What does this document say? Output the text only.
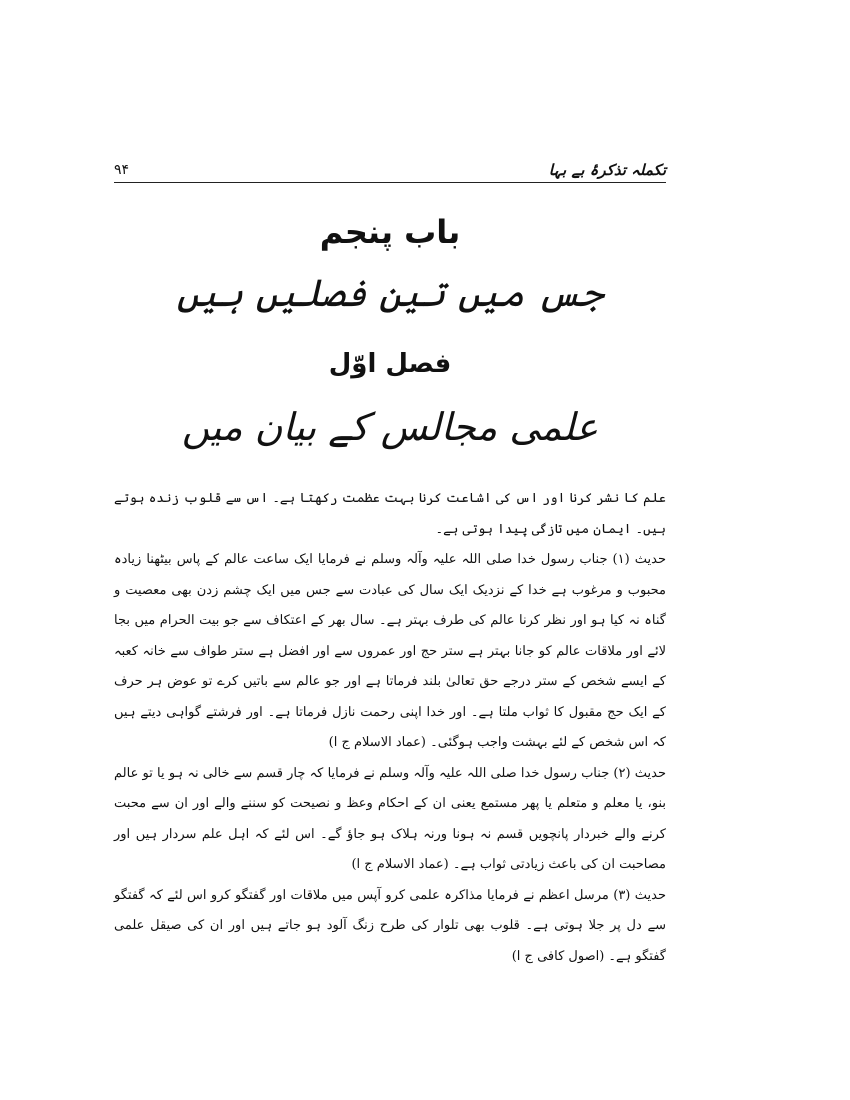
تکملہ تذکرۂ بے بہا
۹۴
باب پنجم
جس میں تین فصلیں ہیں
فصل اوّل
علمی مجالس کے بیان میں

علم کا نشر کرنا اور اس کی اشاعت کرنا بہت عظمت رکھتا ہے۔ اس سے قلوب زندہ ہوتے ہیں۔ ایمان میں تازگی پیدا ہوتی ہے۔

حدیث (۱) جناب رسول خدا صلی اللہ علیہ وآلہ وسلم نے فرمایا ایک ساعت عالم کے پاس بیٹھنا زیادہ محبوب و مرغوب ہے خدا کے نزدیک ایک سال کی عبادت سے جس میں ایک چشم زدن بھی معصیت و گناہ نہ کیا ہو اور نظر کرنا عالم کی طرف بہتر ہے۔ سال بھر کے اعتکاف سے جو بیت الحرام میں بجا لائے اور ملاقات عالم کو جانا بہتر ہے ستر حج اور عمروں سے اور افضل ہے ستر طواف سے خانہ کعبہ کے ایسے شخص کے ستر درجے حق تعالیٰ بلند فرماتا ہے اور جو عالم سے باتیں کرے تو عوض ہر حرف کے ایک حج مقبول کا ثواب ملتا ہے۔ اور خدا اپنی رحمت نازل فرماتا ہے۔ اور فرشتے گواہی دیتے ہیں کہ اس شخص کے لئے بہشت واجب ہوگئی۔ (عماد الاسلام ج ا)

حدیث (۲) جناب رسول خدا صلی اللہ علیہ وآلہ وسلم نے فرمایا کہ چار قسم سے خالی نہ ہو یا تو عالم بنو، یا معلم و متعلم یا پھر مستمع یعنی ان کے احکام وعظ و نصیحت کو سننے والے اور ان سے محبت کرنے والے خبردار پانچویں قسم نہ ہونا ورنہ ہلاک ہو جاؤ گے۔ اس لئے کہ اہل علم سردار ہیں اور مصاحبت ان کی باعث زیادتی ثواب ہے۔ (عماد الاسلام ج ا)

حدیث (۳) مرسل اعظم نے فرمایا مذاکرہ علمی کرو آپس میں ملاقات اور گفتگو کرو اس لئے کہ گفتگو سے دل پر جلا ہوتی ہے۔ قلوب بھی تلوار کی طرح زنگ آلود ہو جاتے ہیں اور ان کی صیقل علمی گفتگو ہے۔ (اصول کافی ج ا)
